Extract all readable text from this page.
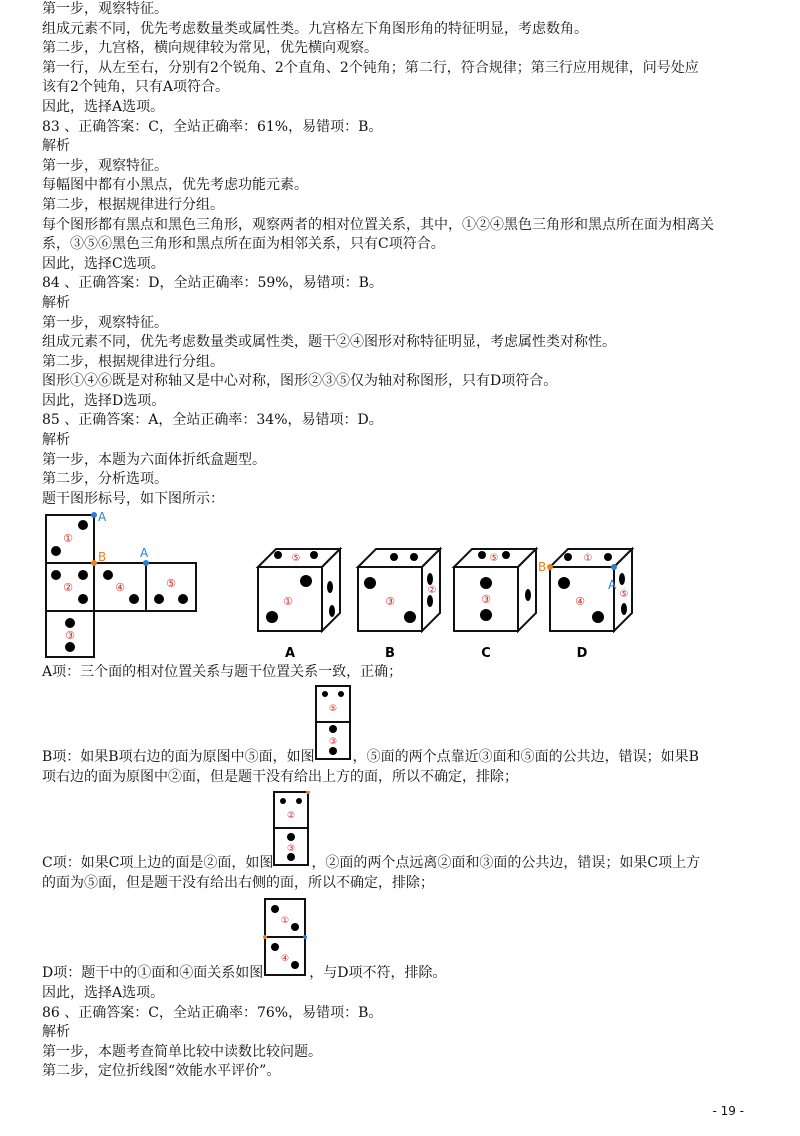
第一步，观察特征。
组成元素不同，优先考虑数量类或属性类。九宫格左下角图形角的特征明显，考虑数角。
第二步，九宫格，横向规律较为常见，优先横向观察。
第一行，从左至右，分别有2个锐角、2个直角、2个钝角；第二行，符合规律；第三行应用规律，问号处应
该有2个钝角，只有A项符合。
因此，选择A选项。
83 、正确答案：C，全站正确率：61%，易错项：B。
解析
第一步，观察特征。
每幅图中都有小黑点，优先考虑功能元素。
第二步，根据规律进行分组。
每个图形都有黑点和黑色三角形，观察两者的相对位置关系，其中，①②④黑色三角形和黑点所在面为相离关
系，③⑤⑥黑色三角形和黑点所在面为相邻关系，只有C项符合。
因此，选择C选项。
84 、正确答案：D，全站正确率：59%，易错项：B。
解析
第一步，观察特征。
组成元素不同，优先考虑数量类或属性类，题干②④图形对称特征明显，考虑属性类对称性。
第二步，根据规律进行分组。
图形①④⑥既是对称轴又是中心对称，图形②③⑤仅为轴对称图形，只有D项符合。
因此，选择D选项。
85 、正确答案：A，全站正确率：34%，易错项：D。
解析
第一步，本题为六面体折纸盒题型。
第二步，分析选项。
题干图形标号，如下图所示：
①
②	④	⑤
③
A
B	A	⑤
①
A
③
②
B
⑤
③
C
①
④
⑤
B
A
D
A项：三个面的相对位置关系与题干位置关系一致，正确；
B项：如果B项右边的面为原图中⑤面，如图
⑤
③
，⑤面的两个点靠近③面和⑤面的公共边，错误；如果B
项右边的面为原图中②面，但是题干没有给出上方的面，所以不确定，排除；
C项：如果C项上边的面是②面，如图
②
③
，②面的两个点远离②面和③面的公共边，错误；如果C项上方
的面为⑤面，但是题干没有给出右侧的面，所以不确定，排除；
D项：题干中的①面和④面关系如图
①
④
，与D项不符，排除。
因此，选择A选项。
86 、正确答案：C，全站正确率：76%，易错项：B。
解析
第一步，本题考查简单比较中读数比较问题。
第二步，定位折线图“效能水平评价”。
- 19 -
